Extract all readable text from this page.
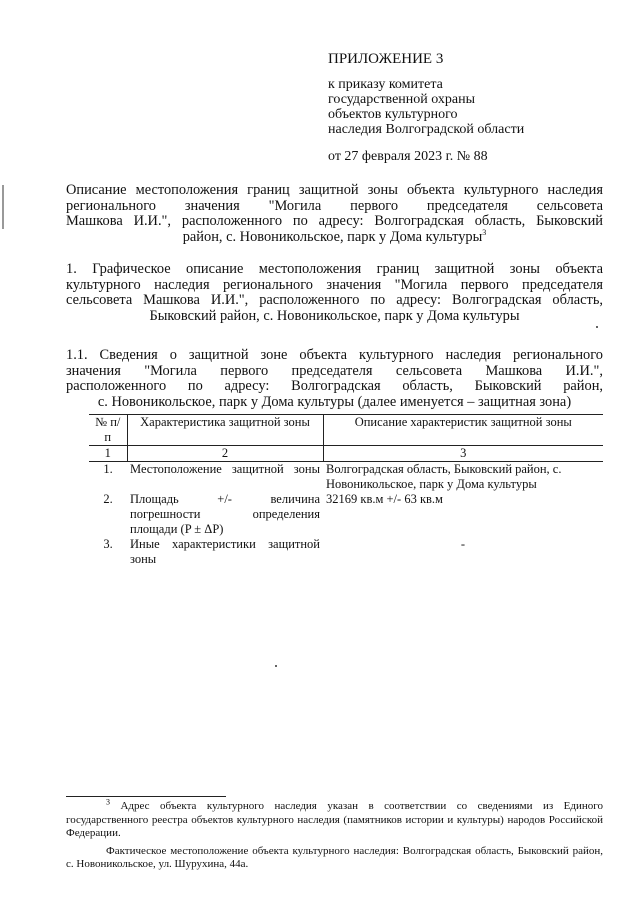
ПРИЛОЖЕНИЕ 3
к приказу комитета
государственной охраны
объектов культурного
наследия Волгоградской области
от 27 февраля 2023 г. № 88
Описание местоположения границ защитной зоны объекта культурного наследия
регионального значения "Могила первого председателя сельсовета
Машкова И.И.", расположенного по адресу: Волгоградская область, Быковский
район, с. Новоникольское, парк у Дома культуры$^3$
1. Графическое описание местоположения границ защитной зоны объекта
культурного наследия регионального значения "Могила первого председателя
сельсовета Машкова И.И.", расположенного по адресу: Волгоградская область,
Быковский район, с. Новоникольское, парк у Дома культуры
1.1. Сведения о защитной зоне объекта культурного наследия регионального
значения "Могила первого председателя сельсовета Машкова И.И.",
расположенного по адресу: Волгоградская область, Быковский район,
с. Новоникольское, парк у Дома культуры (далее именуется – защитная зона)
№ п/п	Характеристика защитной зоны	Описание характеристик защитной зоны
1	2	3
1.	Местоположение защитной зоны	Волгоградская область, Быковский район, с. Новоникольское, парк у Дома культуры
2.	Площадь +/- величина погрешности определения площади (P ± ΔP)	32169 кв.м +/- 63 кв.м
3.	Иные характеристики защитной зоны	-

$^3$ Адрес объекта культурного наследия указан в соответствии со сведениями из Единого государственного реестра объектов культурного наследия (памятников истории и культуры) народов Российской Федерации.

Фактическое местоположение объекта культурного наследия: Волгоградская область, Быковский район, с. Новоникольское, ул. Шурухина, 44а.
